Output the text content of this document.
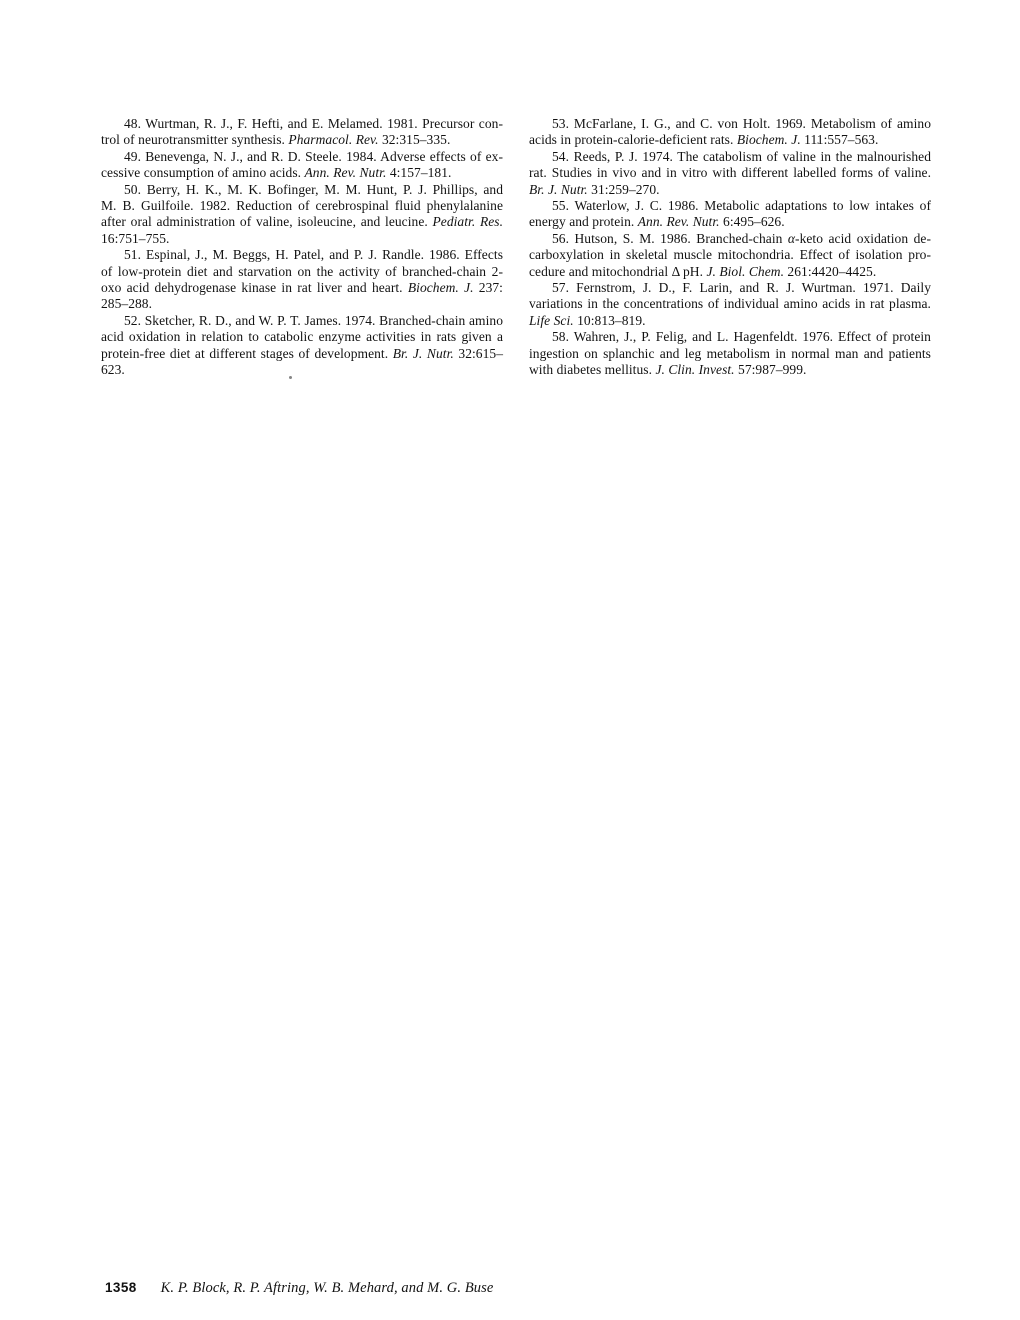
48. Wurtman, R. J., F. Hefti, and E. Melamed. 1981. Precursor con-
trol of neurotransmitter synthesis. Pharmacol. Rev. 32:315–335.
49. Benevenga, N. J., and R. D. Steele. 1984. Adverse effects of ex-
cessive consumption of amino acids. Ann. Rev. Nutr. 4:157–181.
50. Berry, H. K., M. K. Bofinger, M. M. Hunt, P. J. Phillips, and
M. B. Guilfoile. 1982. Reduction of cerebrospinal fluid phenylalanine
after oral administration of valine, isoleucine, and leucine. Pediatr. Res.
16:751–755.
51. Espinal, J., M. Beggs, H. Patel, and P. J. Randle. 1986. Effects
of low-protein diet and starvation on the activity of branched-chain 2-
oxo acid dehydrogenase kinase in rat liver and heart. Biochem. J. 237:
285–288.
52. Sketcher, R. D., and W. P. T. James. 1974. Branched-chain amino
acid oxidation in relation to catabolic enzyme activities in rats given a
protein-free diet at different stages of development. Br. J. Nutr. 32:615–
623.
53. McFarlane, I. G., and C. von Holt. 1969. Metabolism of amino
acids in protein-calorie-deficient rats. Biochem. J. 111:557–563.
54. Reeds, P. J. 1974. The catabolism of valine in the malnourished
rat. Studies in vivo and in vitro with different labelled forms of valine.
Br. J. Nutr. 31:259–270.
55. Waterlow, J. C. 1986. Metabolic adaptations to low intakes of
energy and protein. Ann. Rev. Nutr. 6:495–626.
56. Hutson, S. M. 1986. Branched-chain α-keto acid oxidation de-
carboxylation in skeletal muscle mitochondria. Effect of isolation pro-
cedure and mitochondrial Δ pH. J. Biol. Chem. 261:4420–4425.
57. Fernstrom, J. D., F. Larin, and R. J. Wurtman. 1971. Daily
variations in the concentrations of individual amino acids in rat plasma.
Life Sci. 10:813–819.
58. Wahren, J., P. Felig, and L. Hagenfeldt. 1976. Effect of protein
ingestion on splanchic and leg metabolism in normal man and patients
with diabetes mellitus. J. Clin. Invest. 57:987–999.
1358 K. P. Block, R. P. Aftring, W. B. Mehard, and M. G. Buse
